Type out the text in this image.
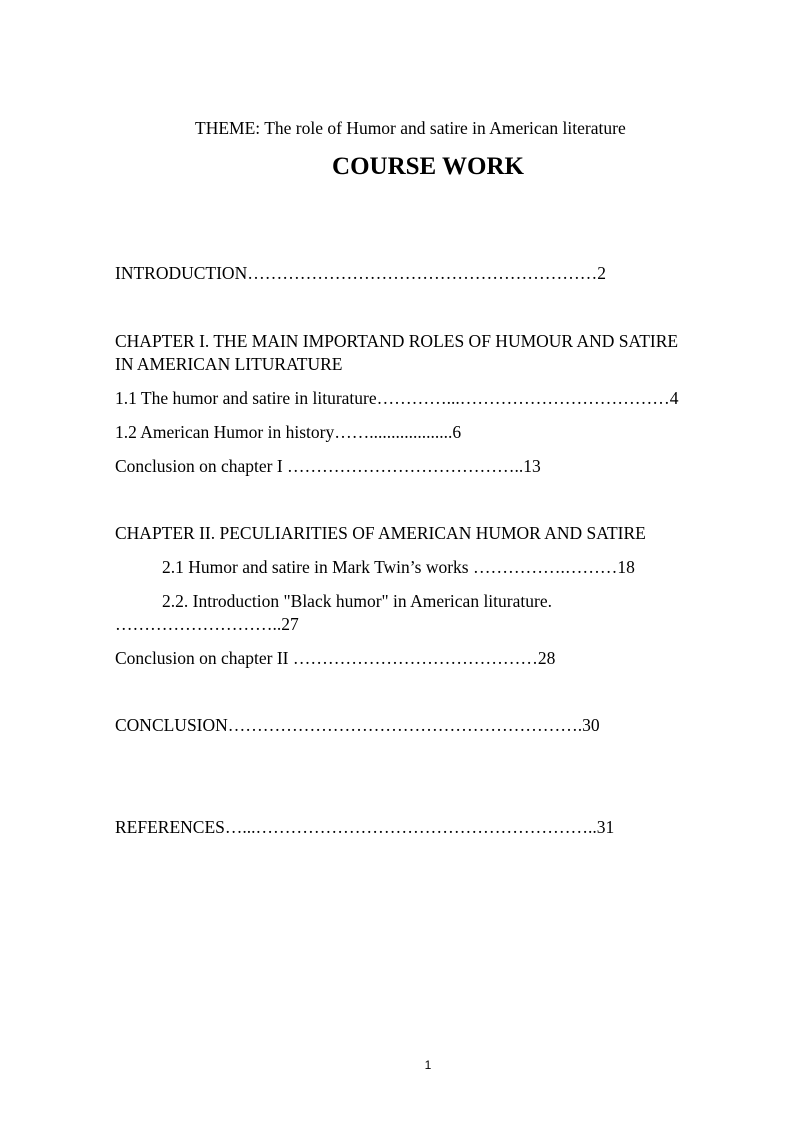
THEME: The role of Humor and satire in American literature
COURSE WORK
INTRODUCTION……………………………………………………2
CHAPTER I. THE MAIN IMPORTAND ROLES OF HUMOUR AND SATIRE
IN AMERICAN LITURATURE
1.1 The humor and satire in liturature…………...………………………………4
1.2 American Humor in history……...................6
Conclusion on chapter I …………………………………..13
CHAPTER II. PECULIARITIES OF AMERICAN HUMOR AND SATIRE
2.1 Humor and satire in Mark Twin’s works …………….………18
2.2. Introduction "Black humor" in American liturature.
………………………..27
Conclusion on chapter II ……………………………………28
CONCLUSION…………………………………………………….30
REFERENCES…...…………………………………………………..31
1
